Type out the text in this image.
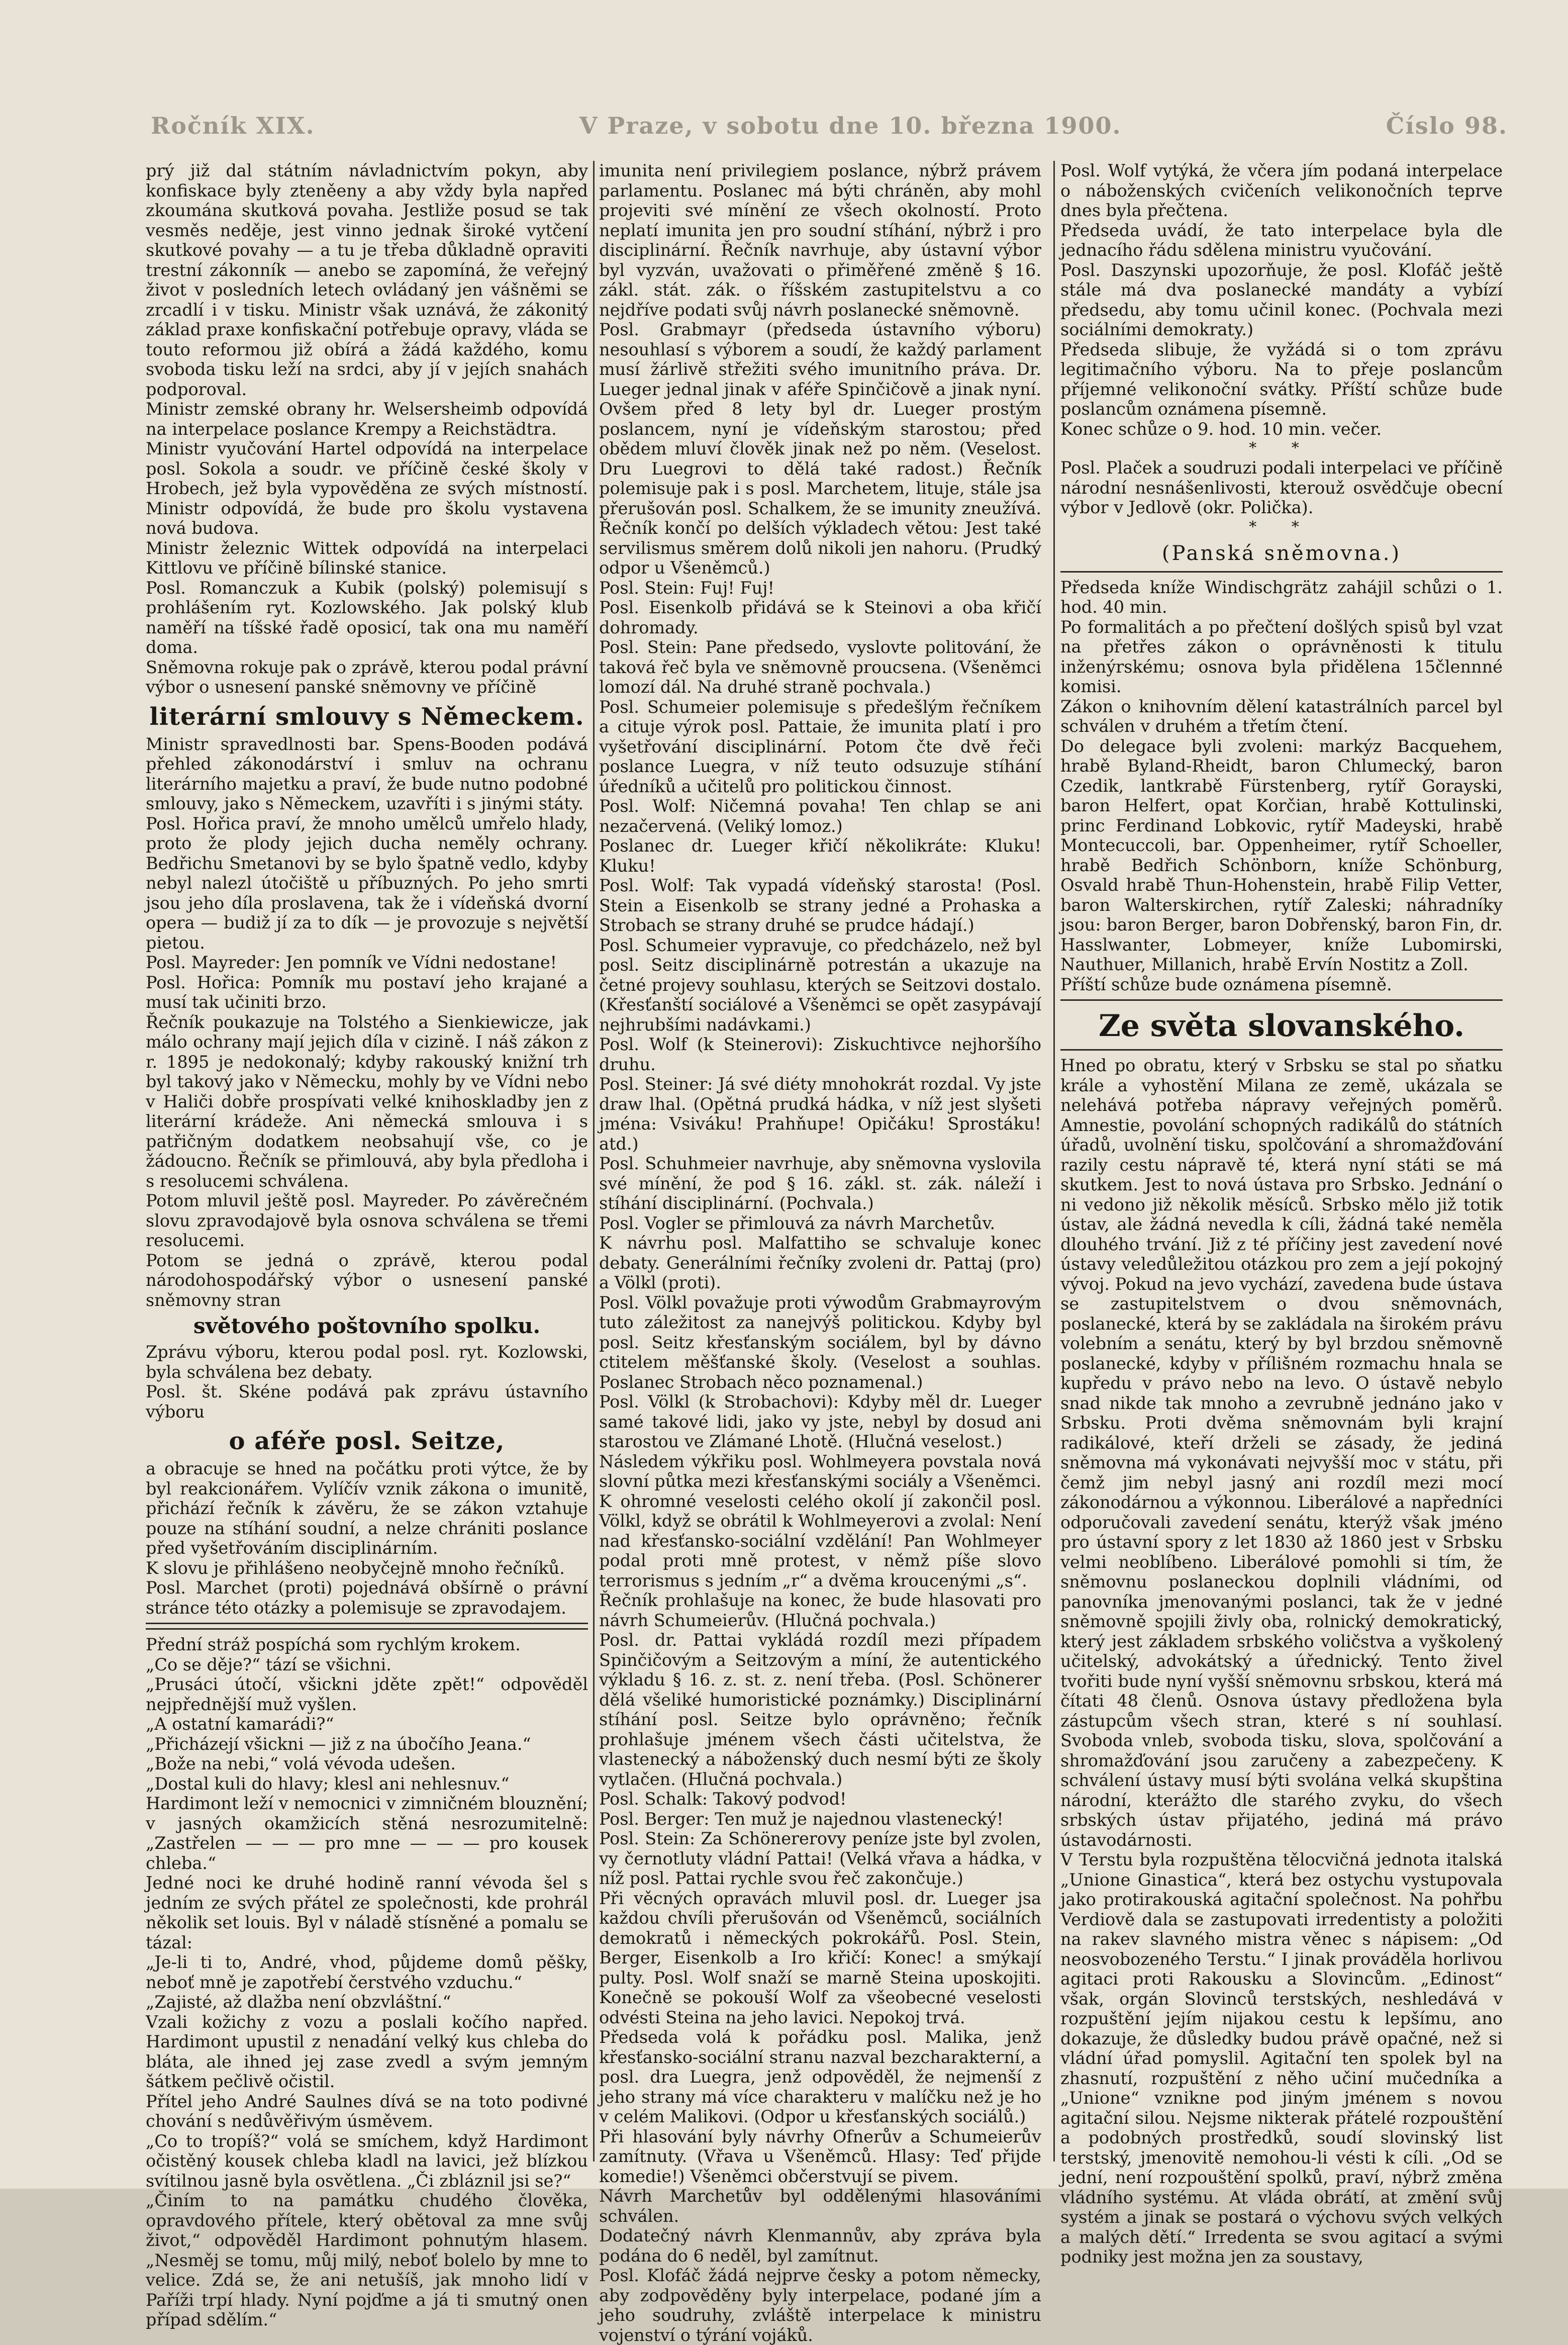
Ročník XIX.	V Praze, v sobotu dne 10. března 1900.	Číslo 98.

prý již dal státním návladnictvím pokyn, aby konfiskace byly zteněeny a aby vždy byla napřed zkoumána skutková povaha. Jestliže posud se tak vesměs neděje, jest vinno jednak široké vytčení skutkové povahy — a tu je třeba důkladně opraviti trestní zákonník — anebo se zapomíná, že veřejný život v posledních letech ovládaný jen vášněmi se zrcadlí i v tisku. Ministr však uznává, že zákonitý základ praxe konfiskační potřebuje opravy, vláda se touto reformou již obírá a žádá každého, komu svoboda tisku leží na srdci, aby jí v jejích snahách podporoval.

Ministr zemské obrany hr. Welsersheimb odpovídá na interpelace poslance Krempy a Reichstädtra.

Ministr vyučování Hartel odpovídá na interpelace posl. Sokola a soudr. ve příčině české školy v Hrobech, jež byla vypověděna ze svých místností. Ministr odpovídá, že bude pro školu vystavena nová budova.

Ministr železnic Wittek odpovídá na interpelaci Kittlovu ve příčině bílinské stanice.

Posl. Romanczuk a Kubik (polský) polemisují s prohlášením ryt. Kozlowského. Jak polský klub naměří na tíšské řadě oposicí, tak ona mu naměří doma.

Sněmovna rokuje pak o zprávě, kterou podal právní výbor o usnesení panské sněmovny ve příčině

literární smlouvy s Německem.

Ministr spravedlnosti bar. Spens-Booden podává přehled zákonodárství i smluv na ochranu literárního majetku a praví, že bude nutno podobné smlouvy, jako s Německem, uzavříti i s jinými státy.

Posl. Hořica praví, že mnoho umělců umřelo hlady, proto že plody jejich ducha neměly ochrany. Bedřichu Smetanovi by se bylo špatně vedlo, kdyby nebyl nalezl útočiště u příbuzných. Po jeho smrti jsou jeho díla proslavena, tak že i vídeňská dvorní opera — budiž jí za to dík — je provozuje s největší pietou.

Posl. Mayreder: Jen pomník ve Vídni nedostane!

Posl. Hořica: Pomník mu postaví jeho krajané a musí tak učiniti brzo.

Řečník poukazuje na Tolstého a Sienkiewicze, jak málo ochrany mají jejich díla v cizině. I náš zákon z r. 1895 je nedokonalý; kdyby rakouský knižní trh byl takový jako v Německu, mohly by ve Vídni nebo v Haliči dobře prospívati velké knihoskladby jen z literární krádeže. Ani německá smlouva i s patřičným dodatkem neobsahují vše, co je žádoucno. Řečník se přimlouvá, aby byla předloha i s resolucemi schválena.

Potom mluvil ještě posl. Mayreder. Po závěrečném slovu zpravodajově byla osnova schválena se třemi resolucemi.

Potom se jedná o zprávě, kterou podal národohospodářský výbor o usnesení panské sněmovny stran

světového poštovního spolku.

Zprávu výboru, kterou podal posl. ryt. Kozlowski, byla schválena bez debaty.

Posl. št. Skéne podává pak zprávu ústavního výboru

o aféře posl. Seitze,

a obracuje se hned na počátku proti výtce, že by byl reakcionářem. Vylíčív vznik zákona o imunitě, přichází řečník k závěru, že se zákon vztahuje pouze na stíhání soudní, a nelze chrániti poslance před vyšetřováním disciplinárním.

K slovu je přihlášeno neobyčejně mnoho řečníků.

Posl. Marchet (proti) pojednává obšírně o právní stránce této otázky a polemisuje se zpravodajem.

Přední stráž pospíchá som rychlým krokem.

„Co se děje?“ tází se všichni.

„Prusáci útočí, všickni jděte zpět!“ odpověděl nejpřednější muž vyšlen.

„A ostatní kamarádi?“

„Přicházejí všickni — již z na úbočího Jeana.“

„Bože na nebi,“ volá vévoda udešen.

„Dostal kuli do hlavy; klesl ani nehlesnuv.“

Hardimont leží v nemocnici v zimničném blouznění; v jasných okamžicích stěná nesrozumitelně: „Zastřelen — — — pro mne — — — pro kousek chleba.“

Jedné noci ke druhé hodině ranní vévoda šel s jedním ze svých přátel ze společnosti, kde prohrál několik set louis. Byl v náladě stísněné a pomalu se tázal:

„Je-li ti to, André, vhod, půjdeme domů pěšky, neboť mně je zapotřebí čerstvého vzduchu.“

„Zajisté, až dlažba není obzvláštní.“

Vzali kožichy z vozu a poslali kočího napřed. Hardimont upustil z nenadání velký kus chleba do bláta, ale ihned jej zase zvedl a svým jemným šátkem pečlivě očistil.

Přítel jeho André Saulnes dívá se na toto podivné chování s nedůvěřivým úsměvem.

„Co to tropíš?“ volá se smíchem, když Hardimont očistěný kousek chleba kladl na lavici, jež blízkou svítilnou jasně byla osvětlena. „Či zbláznil jsi se?“

„Činím to na památku chudého člověka, opravdového přítele, který obětoval za mne svůj život,“ odpověděl Hardimont pohnutým hlasem. „Nesměj se tomu, můj milý, neboť bolelo by mne to velice. Zdá se, že ani netušíš, jak mnoho lidí v Paříži trpí hlady. Nyní pojďme a já ti smutný onen případ sdělím.“

imunita není privilegiem poslance, nýbrž právem parlamentu. Poslanec má býti chráněn, aby mohl projeviti své mínění ze všech okolností. Proto neplatí imunita jen pro soudní stíhání, nýbrž i pro disciplinární. Řečník navrhuje, aby ústavní výbor byl vyzván, uvažovati o přiměřené změně § 16. zákl. stát. zák. o říšském zastupitelstvu a co nejdříve podati svůj návrh poslanecké sněmovně.

Posl. Grabmayr (předseda ústavního výboru) nesouhlasí s výborem a soudí, že každý parlament musí žárlivě střežiti svého imunitního práva. Dr. Lueger jednal jinak v aféře Spinčičově a jinak nyní. Ovšem před 8 lety byl dr. Lueger prostým poslancem, nyní je vídeňským starostou; před obědem mluví člověk jinak než po něm. (Veselost. Dru Luegrovi to dělá také radost.) Řečník polemisuje pak i s posl. Marchetem, lituje, stále jsa přerušován posl. Schalkem, že se imunity zneužívá. Řečník končí po delších výkladech větou: Jest také servilismus směrem dolů nikoli jen nahoru. (Prudký odpor u Všeněmců.)

Posl. Stein: Fuj! Fuj!

Posl. Eisenkolb přidává se k Steinovi a oba křičí dohromady.

Posl. Stein: Pane předsedo, vyslovte politování, že taková řeč byla ve sněmovně proucsena. (Všeněmci lomozí dál. Na druhé straně pochvala.)

Posl. Schumeier polemisuje s předešlým řečníkem a cituje výrok posl. Pattaie, že imunita platí i pro vyšetřování disciplinární. Potom čte dvě řeči poslance Luegra, v níž teuto odsuzuje stíhání úředníků a učitelů pro politickou činnost.

Posl. Wolf: Ničemná povaha! Ten chlap se ani nezačervená. (Veliký lomoz.)

Poslanec dr. Lueger křičí několikráte: Kluku! Kluku!

Posl. Wolf: Tak vypadá vídeňský starosta! (Posl. Stein a Eisenkolb se strany jedné a Prohaska a Strobach se strany druhé se prudce hádají.)

Posl. Schumeier vypravuje, co předcházelo, než byl posl. Seitz disciplinárně potrestán a ukazuje na četné projevy souhlasu, kterých se Seitzovi dostalo. (Křesťanští sociálové a Všeněmci se opět zasypávají nejhrubšími nadávkami.)

Posl. Wolf (k Steinerovi): Ziskuchtivce nejhoršího druhu.

Posl. Steiner: Já své diéty mnohokrát rozdal. Vy jste draw lhal. (Opětná prudká hádka, v níž jest slyšeti jména: Vsiváku! Prahňupe! Opičáku! Sprostáku! atd.)

Posl. Schuhmeier navrhuje, aby sněmovna vyslovila své mínění, že pod § 16. zákl. st. zák. náleží i stíhání disciplinární. (Pochvala.)

Posl. Vogler se přimlouvá za návrh Marchetův.

K návrhu posl. Malfattiho se schvaluje konec debaty. Generálními řečníky zvoleni dr. Pattaj (pro) a Völkl (proti).

Posl. Völkl považuje proti výwodům Grabmayrovým tuto záležitost za nanejvýš politickou. Kdyby byl posl. Seitz křesťanským sociálem, byl by dávno ctitelem měšťanské školy. (Veselost a souhlas. Poslanec Strobach něco poznamenal.)

Posl. Völkl (k Strobachovi): Kdyby měl dr. Lueger samé takové lidi, jako vy jste, nebyl by dosud ani starostou ve Zlámané Lhotě. (Hlučná veselost.)

Následem výkřiku posl. Wohlmeyera povstala nová slovní půtka mezi křesťanskými sociály a Všeněmci. K ohromné veselosti celého okolí jí zakončil posl. Völkl, když se obrátil k Wohlmeyerovi a zvolal: Není nad křesťansko-sociální vzdělání! Pan Wohlmeyer podal proti mně protest, v němž píše slovo terrorismus s jedním „r“ a dvěma kroucenými „s“.

Řečník prohlašuje na konec, že bude hlasovati pro návrh Schumeierův. (Hlučná pochvala.)

Posl. dr. Pattai vykládá rozdíl mezi případem Spinčičovým a Seitzovým a míní, že autentického výkladu § 16. z. st. z. není třeba. (Posl. Schönerer dělá všeliké humoristické poznámky.) Disciplinární stíhání posl. Seitze bylo oprávněno; řečník prohlašuje jménem všech části učitelstva, že vlastenecký a náboženský duch nesmí býti ze školy vytlačen. (Hlučná pochvala.)

Posl. Schalk: Takový podvod!

Posl. Berger: Ten muž je najednou vlastenecký!

Posl. Stein: Za Schönererovy peníze jste byl zvolen, vy černotluty vládní Pattai! (Velká vřava a hádka, v níž posl. Pattai rychle svou řeč zakončuje.)

Při věcných opravách mluvil posl. dr. Lueger jsa každou chvíli přerušován od Všeněmců, sociálních demokratů i německých pokrokářů. Posl. Stein, Berger, Eisenkolb a Iro křičí: Konec! a smýkají pulty. Posl. Wolf snaží se marně Steina uposkojiti. Konečně se pokouší Wolf za všeobecné veselosti odvésti Steina na jeho lavici. Nepokoj trvá.

Předseda volá k pořádku posl. Malika, jenž křesťansko-sociální stranu nazval bezcharakterní, a posl. dra Luegra, jenž odpověděl, že nejmenší z jeho strany má více charakteru v malíčku než je ho v celém Malikovi. (Odpor u křesťanských sociálů.)

Při hlasování byly návrhy Ofnerův a Schumeierův zamítnuty. (Vřava u Všeněmců. Hlasy: Teď přijde komedie!) Všeněmci občerstvují se pivem.

Návrh Marchetův byl oddělenými hlasováními schválen.

Dodatečný návrh Klenmannův, aby zpráva byla podána do 6 neděl, byl zamítnut.

Posl. Klofáč žádá nejprve česky a potom německy, aby zodpověděny byly interpelace, podané jím a jeho soudruhy, zvláště interpelace k ministru vojenství o týrání vojáků.

Posl. Wolf vytýká, že včera jím podaná interpelace o náboženských cvičeních velikonočních teprve dnes byla přečtena.

Předseda uvádí, že tato interpelace byla dle jednacího řádu sdělena ministru vyučování.

Posl. Daszynski upozorňuje, že posl. Klofáč ještě stále má dva poslanecké mandáty a vybízí předsedu, aby tomu učinil konec. (Pochvala mezi sociálními demokraty.)

Předseda slibuje, že vyžádá si o tom zprávu legitimačního výboru. Na to přeje poslancům příjemné velikonoční svátky. Příští schůze bude poslancům oznámena písemně.

Konec schůze o 9. hod. 10 min. večer.

* *

Posl. Plaček a soudruzi podali interpelaci ve příčině národní nesnášenlivosti, kterouž osvědčuje obecní výbor v Jedlově (okr. Polička).

* *
(Panská sněmovna.)

Předseda kníže Windischgrätz zahájil schůzi o 1. hod. 40 min.

Po formalitách a po přečtení došlých spisů byl vzat na přetřes zákon o oprávněnosti k titulu inženýrskému; osnova byla přidělena 15člennné komisi.

Zákon o knihovním dělení katastrálních parcel byl schválen v druhém a třetím čtení.

Do delegace byli zvoleni: markýz Bacquehem, hrabě Byland-Rheidt, baron Chlumecký, baron Czedik, lantkrabě Fürstenberg, rytíř Gorayski, baron Helfert, opat Korčian, hrabě Kottulinski, princ Ferdinand Lobkovic, rytíř Madeyski, hrabě Montecuccoli, bar. Oppenheimer, rytíř Schoeller, hrabě Bedřich Schönborn, kníže Schönburg, Osvald hrabě Thun-Hohenstein, hrabě Filip Vetter, baron Walterskirchen, rytíř Zaleski; náhradníky jsou: baron Berger, baron Dobřenský, baron Fin, dr. Hasslwanter, Lobmeyer, kníže Lubomirski, Nauthuer, Millanich, hrabě Ervín Nostitz a Zoll.

Příští schůze bude oznámena písemně.

Ze světa slovanského.

Hned po obratu, který v Srbsku se stal po sňatku krále a vyhostění Milana ze země, ukázala se nelehává potřeba nápravy veřejných poměrů. Amnestie, povolání schopných radikálů do státních úřadů, uvolnění tisku, spolčování a shromažďování razily cestu nápravě té, která nyní státi se má skutkem. Jest to nová ústava pro Srbsko. Jednání o ni vedono již několik měsíců. Srbsko mělo již totik ústav, ale žádná nevedla k cíli, žádná také neměla dlouhého trvání. Již z té příčiny jest zavedení nové ústavy veledůležitou otázkou pro zem a její pokojný vývoj. Pokud na jevo vychází, zavedena bude ústava se zastupitelstvem o dvou sněmovnách, poslanecké, která by se zakládala na širokém právu volebním a senátu, který by byl brzdou sněmovně poslanecké, kdyby v přílišném rozmachu hnala se kupředu v právo nebo na levo. O ústavě nebylo snad nikde tak mnoho a zevrubně jednáno jako v Srbsku. Proti dvěma sněmovnám byli krajní radikálové, kteří drželi se zásady, že jediná sněmovna má vykonávati nejvyšší moc v státu, při čemž jim nebyl jasný ani rozdíl mezi mocí zákonodárnou a výkonnou. Liberálové a napředníci odporučovali zavedení senátu, kterýž však jméno pro ústavní spory z let 1830 až 1860 jest v Srbsku velmi neoblíbeno. Liberálové pomohli si tím, že sněmovnu poslaneckou doplnili vládními, od panovníka jmenovanými poslanci, tak že v jedné sněmovně spojili živly oba, rolnický demokratický, který jest základem srbského voličstva a vyškolený učitelský, advokátský a úřednický. Tento živel tvořiti bude nyní vyšší sněmovnu srbskou, která má čítati 48 členů. Osnova ústavy předložena byla zástupcům všech stran, které s ní souhlasí. Svoboda vnleb, svoboda tisku, slova, spolčování a shromažďování jsou zaručeny a zabezpečeny. K schválení ústavy musí býti svolána velká skupština národní, kterážto dle starého zvyku, do všech srbských ústav přijatého, jediná má právo ústavodárnosti.

V Terstu byla rozpuštěna tělocvičná jednota italská „Unione Ginastica“, která bez ostychu vystupovala jako protirakouská agitační společnost. Na pohřbu Verdiově dala se zastupovati irredentisty a položiti na rakev slavného mistra věnec s nápisem: „Od neosvobozeného Terstu.“ I jinak prováděla horlivou agitaci proti Rakousku a Slovincům. „Edinost“ však, orgán Slovinců terstských, neshledává v rozpuštění jejím nijakou cestu k lepšímu, ano dokazuje, že důsledky budou právě opačné, než si vládní úřad pomyslil. Agitační ten spolek byl na zhasnutí, rozpuštění z něho učiní mučedníka a „Unione“ vznikne pod jiným jménem s novou agitační silou. Nejsme nikterak přátelé rozpouštění a podobných prostředků, soudí slovinský list terstský, jmenovitě nemohou-li vésti k cíli. „Od se jední, není rozpouštění spolků, praví, nýbrž změna vládního systému. At vláda obrátí, at změní svůj systém a jinak se postará o výchovu svých velkých a malých dětí.“ Irredenta se svou agitací a svými podniky jest možna jen za soustavy,
